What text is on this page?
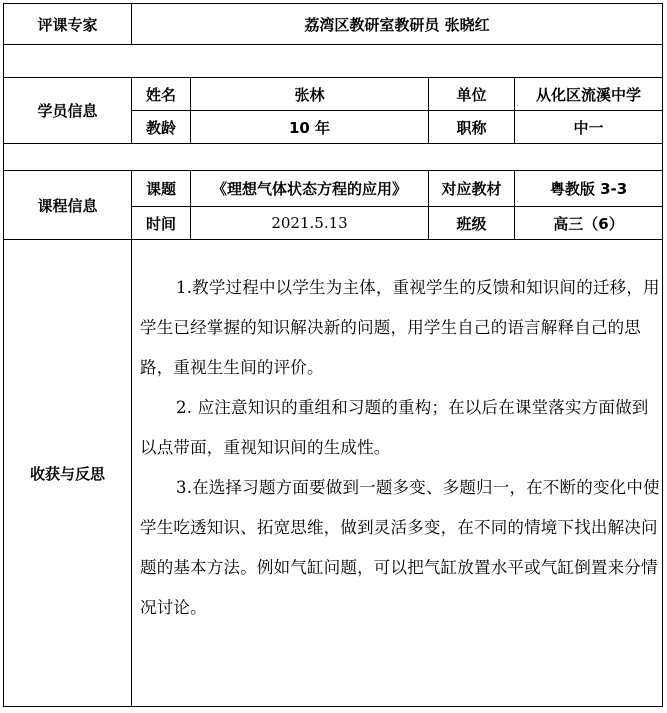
评课专家	荔湾区教研室教研员 张晓红			

学员信息	姓名	张林	单位	从化区流溪中学
	教龄	10 年	职称	中一

课程信息	课题	《理想气体状态方程的应用》	对应教材	粤教版 3-3
	时间	2021.5.13	班级	高三（6）
收获与反思	1.教学过程中以学生为主体，重视学生的反馈和知识间的迁移，用学生已经掌握的知识解决新的问题，用学生自己的语言解释自己的思路，重视生生间的评价。

2. 应注意知识的重组和习题的重构；在以后在课堂落实方面做到以点带面，重视知识间的生成性。

3.在选择习题方面要做到一题多变、多题归一，在不断的变化中使学生吃透知识、拓宽思维，做到灵活多变，在不同的情境下找出解决问题的基本方法。例如气缸问题，可以把气缸放置水平或气缸倒置来分情况讨论。			
